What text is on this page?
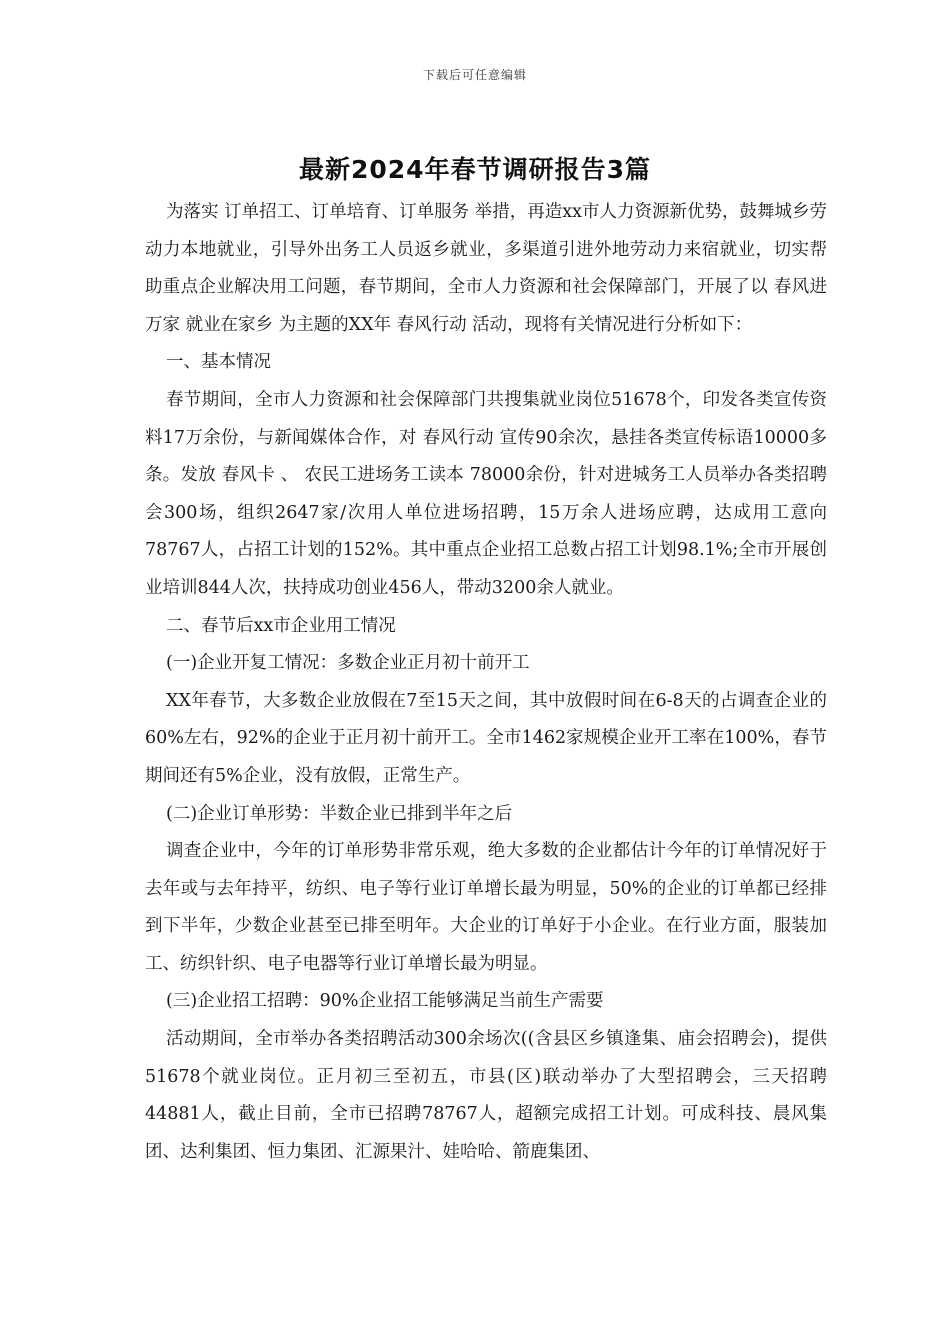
下载后可任意编辑
最新2024年春节调研报告3篇

为落实 订单招工、订单培育、订单服务 举措，再造xx市人力资源新优势，鼓舞城乡劳动力本地就业，引导外出务工人员返乡就业，多渠道引进外地劳动力来宿就业，切实帮助重点企业解决用工问题，春节期间，全市人力资源和社会保障部门，开展了以 春风进万家 就业在家乡 为主题的XX年 春风行动 活动，现将有关情况进行分析如下：

一、基本情况

春节期间，全市人力资源和社会保障部门共搜集就业岗位51678个，印发各类宣传资料17万余份，与新闻媒体合作，对 春风行动 宣传90余次，悬挂各类宣传标语10000多条。发放 春风卡 、 农民工进场务工读本 78000余份，针对进城务工人员举办各类招聘会300场，组织2647家/次用人单位进场招聘，15万余人进场应聘，达成用工意向78767人，占招工计划的152%。其中重点企业招工总数占招工计划98.1%;全市开展创业培训844人次，扶持成功创业456人，带动3200余人就业。

二、春节后xx市企业用工情况

(一)企业开复工情况：多数企业正月初十前开工

XX年春节，大多数企业放假在7至15天之间，其中放假时间在6-8天的占调查企业的60%左右，92%的企业于正月初十前开工。全市1462家规模企业开工率在100%，春节期间还有5%企业，没有放假，正常生产。

(二)企业订单形势：半数企业已排到半年之后

调查企业中，今年的订单形势非常乐观，绝大多数的企业都估计今年的订单情况好于去年或与去年持平，纺织、电子等行业订单增长最为明显，50%的企业的订单都已经排到下半年，少数企业甚至已排至明年。大企业的订单好于小企业。在行业方面，服装加工、纺织针织、电子电器等行业订单增长最为明显。

(三)企业招工招聘：90%企业招工能够满足当前生产需要

活动期间，全市举办各类招聘活动300余场次((含县区乡镇逢集、庙会招聘会)，提供51678个就业岗位。正月初三至初五，市县(区)联动举办了大型招聘会，三天招聘44881人，截止目前，全市已招聘78767人，超额完成招工计划。可成科技、晨风集团、达利集团、恒力集团、汇源果汁、娃哈哈、箭鹿集团、
